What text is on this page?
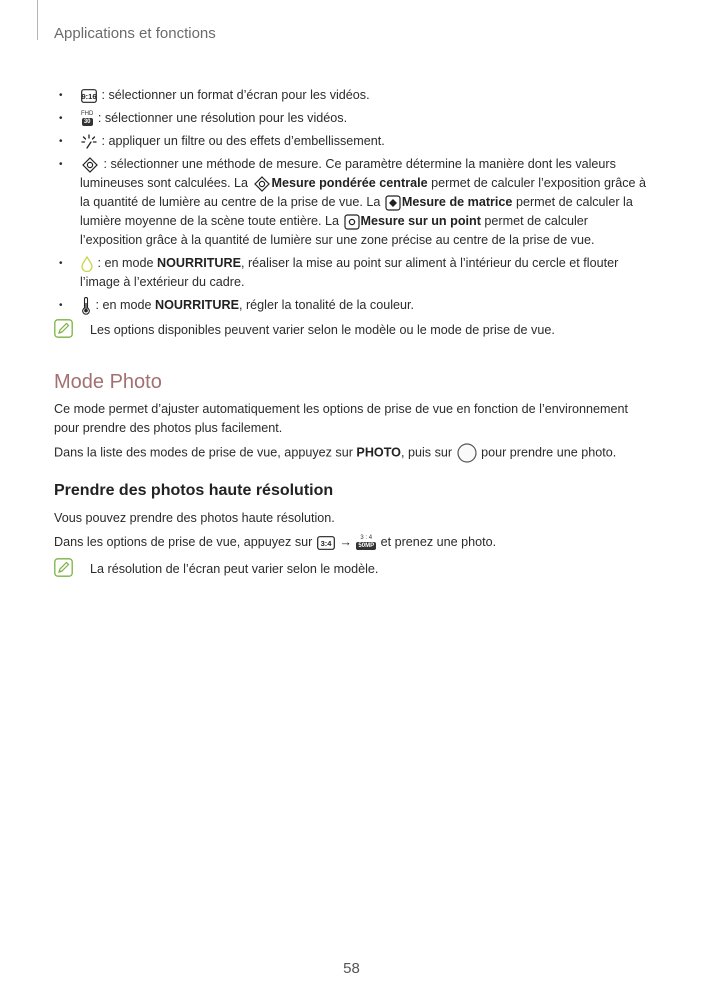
Applications et fonctions
•	9:16 : sélectionner un format d’écran pour les vidéos.
•	FHD
30 : sélectionner une résolution pour les vidéos.
•	: appliquer un filtre ou des effets d’embellissement.
•	: sélectionner une méthode de mesure. Ce paramètre détermine la manière dont les valeurs lumineuses sont calculées. La
Mesure pondérée centrale permet de calculer l’exposition grâce à la quantité de lumière au centre de la prise de vue. La
Mesure de matrice permet de calculer la lumière moyenne de la scène toute entière. La
Mesure sur un point permet de calculer l’exposition grâce à la quantité de lumière sur une zone précise au centre de la prise de vue.
• : en mode NOURRITURE, réaliser la mise au point sur aliment à l’intérieur du cercle et flouter l’image à l’extérieur du cadre.
• : en mode NOURRITURE, régler la tonalité de la couleur.
Les options disponibles peuvent varier selon le modèle ou le mode de prise de vue.
Mode Photo

Ce mode permet d’ajuster automatiquement les options de prise de vue en fonction de l’environnement pour prendre des photos plus facilement.

Dans la liste des modes de prise de vue, appuyez sur PHOTO, puis sur
pour prendre une photo.

Prendre des photos haute résolution

Vous pouvez prendre des photos haute résolution.

Dans les options de prise de vue, appuyez sur 3:4 → 3 : 4
50MP et prenez une photo.

La résolution de l’écran peut varier selon le modèle.
58
